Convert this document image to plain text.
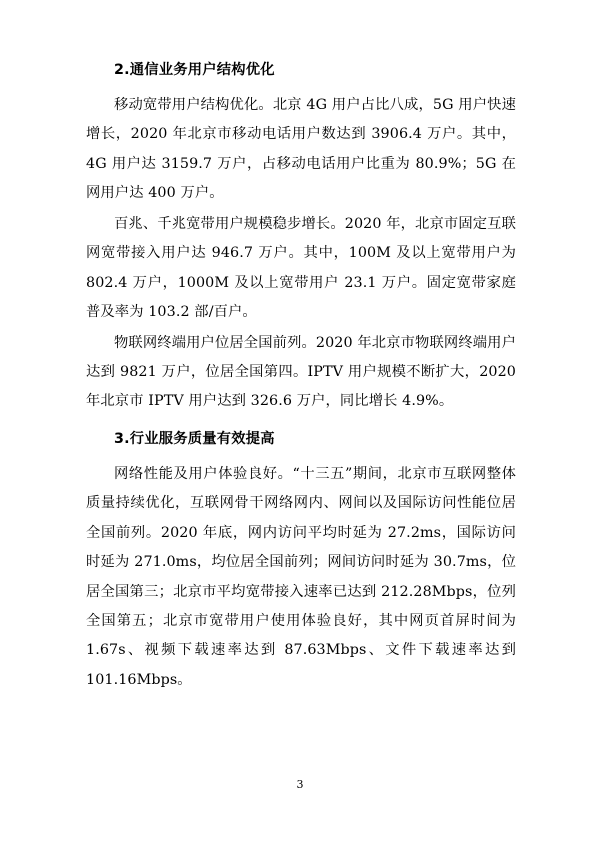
2.通信业务用户结构优化

移动宽带用户结构优化。北京 4G 用户占比八成，5G 用户快速增长，2020 年北京市移动电话用户数达到 3906.4 万户。其中，4G 用户达 3159.7 万户，占移动电话用户比重为 80.9%；5G 在网用户达 400 万户。

百兆、千兆宽带用户规模稳步增长。2020 年，北京市固定互联网宽带接入用户达 946.7 万户。其中，100M 及以上宽带用户为 802.4 万户，1000M 及以上宽带用户 23.1 万户。固定宽带家庭普及率为 103.2 部/百户。

物联网终端用户位居全国前列。2020 年北京市物联网终端用户达到 9821 万户，位居全国第四。IPTV 用户规模不断扩大，2020 年北京市 IPTV 用户达到 326.6 万户，同比增长 4.9%。

3.行业服务质量有效提高

网络性能及用户体验良好。“十三五”期间，北京市互联网整体质量持续优化，互联网骨干网络网内、网间以及国际访问性能位居全国前列。2020 年底，网内访问平均时延为 27.2ms，国际访问时延为 271.0ms，均位居全国前列；网间访问时延为 30.7ms，位居全国第三；北京市平均宽带接入速率已达到 212.28Mbps，位列全国第五；北京市宽带用户使用体验良好，其中网页首屏时间为 1.67s、视频下载速率达到 87.63Mbps、文件下载速率达到 101.16Mbps。

3
